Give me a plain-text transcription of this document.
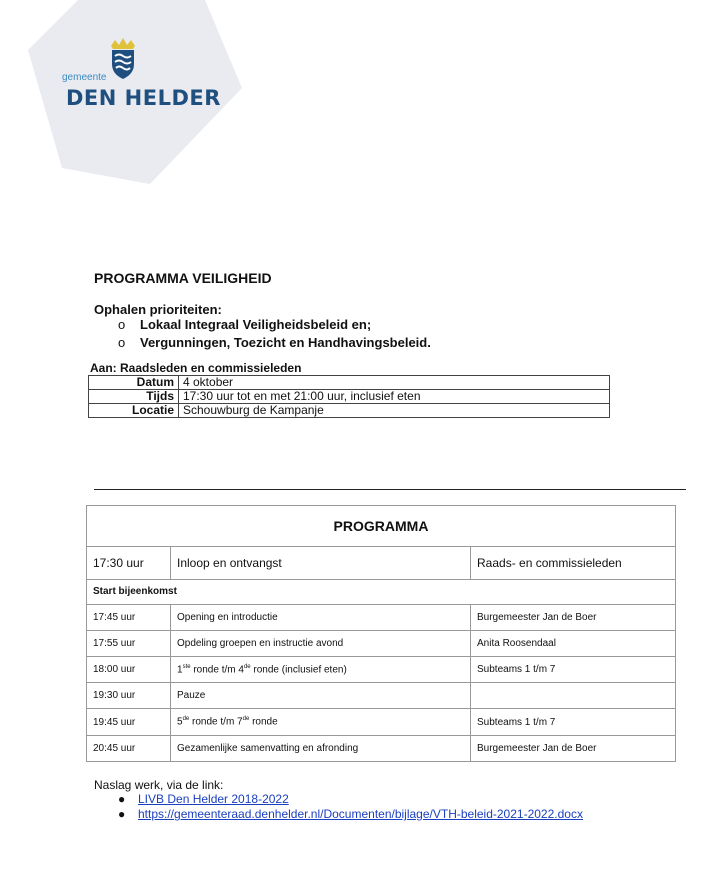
gemeente
DEN HELDER
PROGRAMMA VEILIGHEID
Ophalen prioriteiten:
o Lokaal Integraal Veiligheidsbeleid en;
o Vergunningen, Toezicht en Handhavingsbeleid.
Aan: Raadsleden en commissieleden
Datum	4 oktober
Tijds	17:30 uur tot en met 21:00 uur, inclusief eten
Locatie	Schouwburg de Kampanje
PROGRAMMA		
17:30 uur	Inloop en ontvangst	Raads- en commissieleden
Start bijeenkomst		
17:45 uur	Opening en introductie	Burgemeester Jan de Boer
17:55 uur	Opdeling groepen en instructie avond	Anita Roosendaal
18:00 uur	1ste ronde t/m 4de ronde (inclusief eten)	Subteams 1 t/m 7
19:30 uur	Pauze	
19:45 uur	5de ronde t/m 7de ronde	Subteams 1 t/m 7
20:45 uur	Gezamenlijke samenvatting en afronding	Burgemeester Jan de Boer
Naslag werk, via de link:
● LIVB Den Helder 2018-2022
● https://gemeenteraad.denhelder.nl/Documenten/bijlage/VTH-beleid-2021-2022.docx
